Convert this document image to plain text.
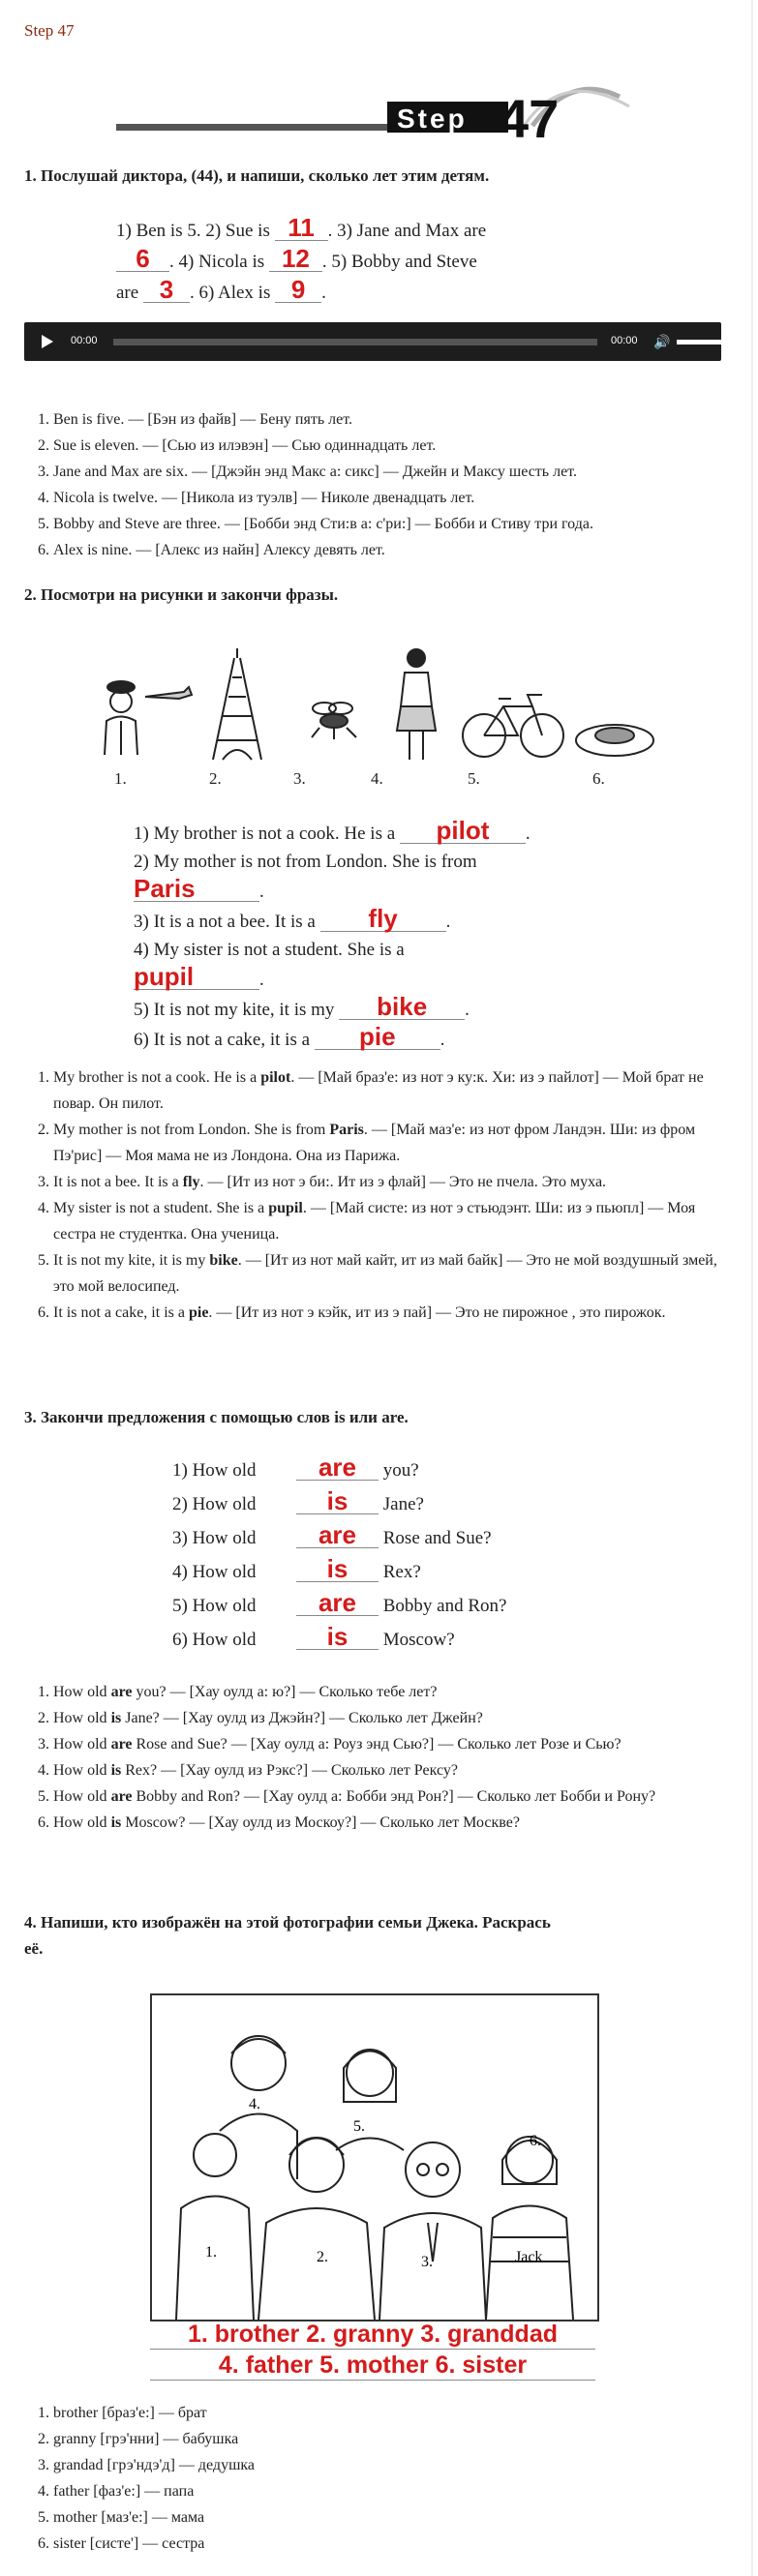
Step 47
Step 47
1. Послушай диктора, (44), и напиши, сколько лет этим детям.
1) Ben is 5. 2) Sue is 11 . 3) Jane and Max are
6 . 4) Nicola is 12 . 5) Bobby and Steve
are 3 . 6) Alex is 9 .
00:00	00:00 🔊
1. Ben is five. — [Бэн из файв] — Бену пять лет.
2. Sue is eleven. — [Сью из илэвэн] — Сью одиннадцать лет.
3. Jane and Max are six. — [Джэйн энд Макс а: сикс] — Джейн и Максу шесть лет.
4. Nicola is twelve. — [Никола из туэлв] — Николе двенадцать лет.
5. Bobby and Steve are three. — [Бобби энд Сти:в а: с'ри:] — Бобби и Стиву три года.
6. Alex is nine. — [Алекс из найн] Алексу девять лет.
2. Посмотри на рисунки и закончи фразы.
1.	2.	3.	4.	5.	6.
1) My brother is not a cook. He is a pilot .
2) My mother is not from London. She is from
Paris	.
3) It is a not a bee. It is a fly	.
4) My sister is not a student. She is a
pupil	.
5) It is not my kite, it is my bike .
6) It is not a cake, it is a pie .
1. My brother is not a cook. He is a pilot. — [Май браз'е: из нот э ку:к. Хи: из э пайлот] — Мой брат не повар. Он пилот.
2. My mother is not from London. She is from Paris. — [Май маз'е: из нот фром Ландэн. Ши: из фром Пэ'рис] — Моя мама не из Лондона. Она из Парижа.
3. It is not a bee. It is a fly. — [Ит из нот э би:. Ит из э флай] — Это не пчела. Это муха.
4. My sister is not a student. She is a pupil. — [Май систе: из нот э стьюдэнт. Ши: из э пьюпл] — Моя сестра не студентка. Она ученица.
5. It is not my kite, it is my bike. — [Ит из нот май кайт, ит из май байк] — Это не мой воздушный змей, это мой велосипед.
6. It is not a cake, it is a pie. — [Ит из нот э кэйк, ит из э пай] — Это не пирожное , это пирожок.
3. Закончи предложения с помощью слов is или are.
1) How old are you?
2) How old	is Jane?
3) How old are Rose and Sue?
4) How old	is Rex?
5) How old are Bobby and Ron?
6) How old	is Moscow?
1. How old are you? — [Хау оулд а: ю?] — Сколько тебе лет?
2. How old is Jane? — [Хау оулд из Джэйн?] — Сколько лет Джейн?
3. How old are Rose and Sue? — [Хау оулд а: Роуз энд Сью?] — Сколько лет Розе и Сью?
4. How old is Rex? — [Хау оулд из Рэкс?] — Сколько лет Рексу?
5. How old are Bobby and Ron? — [Хау оулд а: Бобби энд Рон?] — Сколько лет Бобби и Рону?
6. How old is Moscow? — [Хау оулд из Москоу?] — Сколько лет Москве?
4. Напиши, кто изображён на этой фотографии семьи Джека. Раскрась
её.
4.
5.
6.
1.	2.	3.	Jack
1. brother 2. granny 3. granddad
4. father 5. mother 6. sister
1. brother [браз'е:] — брат
2. granny [грэ'нни] — бабушка
3. grandad [грэ'ндэ'д] — дедушка
4. father [фаз'е:] — папа
5. mother [маз'е:] — мама
6. sister [систе'] — сестра
